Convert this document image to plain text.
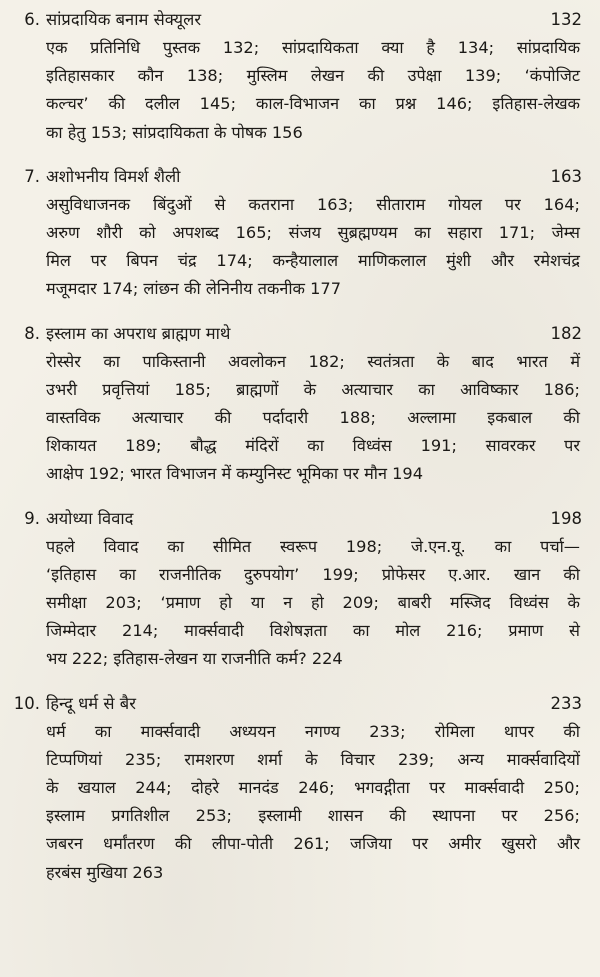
6. सांप्रदायिक बनाम सेक्यूलर	132
एक प्रतिनिधि पुस्तक 132; सांप्रदायिकता क्या है 134; सांप्रदायिक
इतिहासकार कौन 138; मुस्लिम लेखन की उपेक्षा 139; ‘कंपोजिट
कल्चर’ की दलील 145; काल-विभाजन का प्रश्न 146; इतिहास-लेखक
का हेतु 153; सांप्रदायिकता के पोषक 156
7. अशोभनीय विमर्श शैली	163
असुविधाजनक बिंदुओं से कतराना 163; सीताराम गोयल पर 164;
अरुण शौरी को अपशब्द 165; संजय सुब्रह्मण्यम का सहारा 171; जेम्स
मिल पर बिपन चंद्र 174; कन्हैयालाल माणिकलाल मुंशी और रमेशचंद्र
मजूमदार 174; लांछन की लेनिनीय तकनीक 177
8. इस्लाम का अपराध ब्राह्मण माथे	182
रोस्सेर का पाकिस्तानी अवलोकन 182; स्वतंत्रता के बाद भारत में
उभरी प्रवृत्तियां 185; ब्राह्मणों के अत्याचार का आविष्कार 186;
वास्तविक अत्याचार की पर्दादारी 188; अल्लामा इकबाल की
शिकायत 189; बौद्ध मंदिरों का विध्वंस 191; सावरकर पर
आक्षेप 192; भारत विभाजन में कम्युनिस्ट भूमिका पर मौन 194
9. अयोध्या विवाद	198
पहले विवाद का सीमित स्वरूप 198; जे.एन.यू. का पर्चा—
‘इतिहास का राजनीतिक दुरुपयोग’ 199; प्रोफेसर ए.आर. खान की
समीक्षा 203; ‘प्रमाण हो या न हो 209; बाबरी मस्जिद विध्वंस के
जिम्मेदार 214; मार्क्सवादी विशेषज्ञता का मोल 216; प्रमाण से
भय 222; इतिहास-लेखन या राजनीति कर्म? 224
10. हिन्दू धर्म से बैर	233
धर्म का मार्क्सवादी अध्ययन नगण्य 233; रोमिला थापर की
टिप्पणियां 235; रामशरण शर्मा के विचार 239; अन्य मार्क्सवादियों
के खयाल 244; दोहरे मानदंड 246; भगवद्गीता पर मार्क्सवादी 250;
इस्लाम प्रगतिशील 253; इस्लामी शासन की स्थापना पर 256;
जबरन धर्मांतरण की लीपा-पोती 261; जजिया पर अमीर खुसरो और
हरबंस मुखिया 263
